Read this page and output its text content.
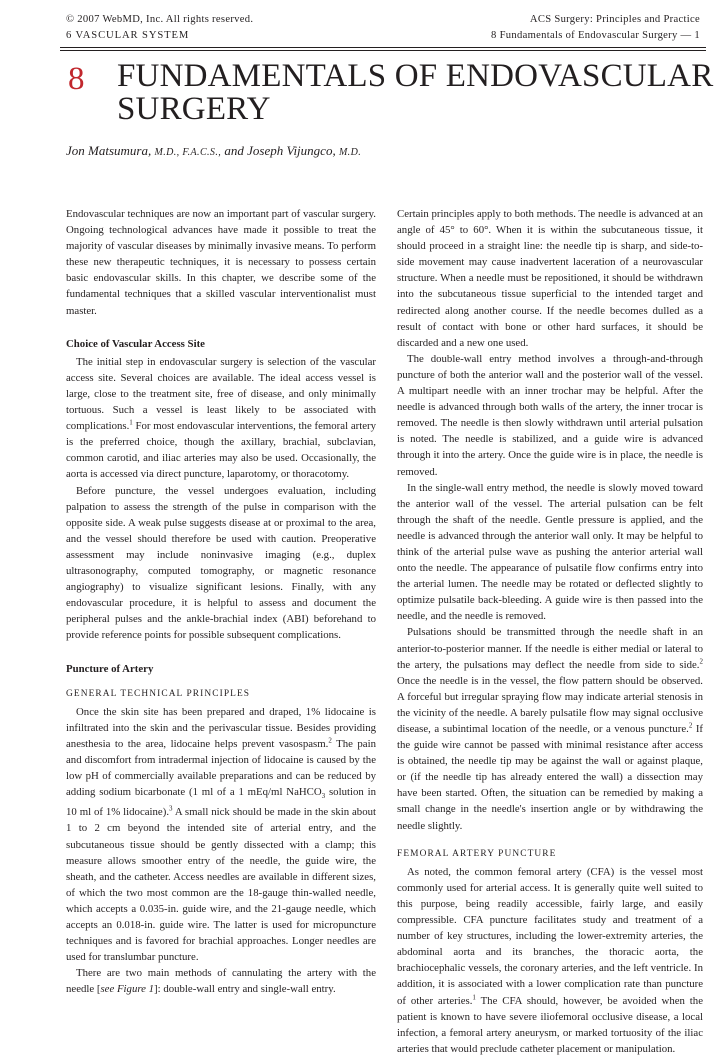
© 2007 WebMD, Inc. All rights reserved.
6 VASCULAR SYSTEM
ACS Surgery: Principles and Practice
8 Fundamentals of Endovascular Surgery — 1
8 FUNDAMENTALS OF ENDOVASCULAR SURGERY
Jon Matsumura, M.D., F.A.C.S., and Joseph Vijungco, M.D.

Endovascular techniques are now an important part of vascular surgery. Ongoing technological advances have made it possible to treat the majority of vascular diseases by minimally invasive means. To perform these new therapeutic techniques, it is necessary to possess certain basic endovascular skills. In this chapter, we describe some of the fundamental techniques that a skilled vascular interventionalist must master.

Choice of Vascular Access Site

The initial step in endovascular surgery is selection of the vascular access site. Several choices are available. The ideal access vessel is large, close to the treatment site, free of disease, and only minimally tortuous. Such a vessel is least likely to be associated with complications.$^1$ For most endovascular interventions, the femoral artery is the preferred choice, though the axillary, brachial, subclavian, common carotid, and iliac arteries may also be used. Occasionally, the aorta is accessed via direct puncture, laparotomy, or thoracotomy.

Before puncture, the vessel undergoes evaluation, including palpation to assess the strength of the pulse in comparison with the opposite side. A weak pulse suggests disease at or proximal to the area, and the vessel should therefore be used with caution. Preoperative assessment may include noninvasive imaging (e.g., duplex ultrasonography, computed tomography, or magnetic resonance angiography) to visualize significant lesions. Finally, with any endovascular procedure, it is helpful to assess and document the peripheral pulses and the ankle-brachial index (ABI) beforehand to provide reference points for possible subsequent complications.

Puncture of Artery
GENERAL TECHNICAL PRINCIPLES

Once the skin site has been prepared and draped, 1% lidocaine is infiltrated into the skin and the perivascular tissue. Besides providing anesthesia to the area, lidocaine helps prevent vasospasm.$^2$ The pain and discomfort from intradermal injection of lidocaine is caused by the low pH of commercially available preparations and can be reduced by adding sodium bicarbonate (1 ml of a 1 mEq/ml NaHCO$_3$ solution in 10 ml of 1% lidocaine).$^3$ A small nick should be made in the skin about 1 to 2 cm beyond the intended site of arterial entry, and the subcutaneous tissue should be gently dissected with a clamp; this measure allows smoother entry of the needle, the guide wire, the sheath, and the catheter. Access needles are available in different sizes, of which the two most common are the 18-gauge thin-walled needle, which accepts a 0.035-in. guide wire, and the 21-gauge needle, which accepts an 0.018-in. guide wire. The latter is used for micropuncture techniques and is favored for brachial approaches. Longer needles are used for translumbar puncture.

There are two main methods of cannulating the artery with the needle [see Figure 1]: double-wall entry and single-wall entry.

Certain principles apply to both methods. The needle is advanced at an angle of 45° to 60°. When it is within the subcutaneous tissue, it should proceed in a straight line: the needle tip is sharp, and side-to-side movement may cause inadvertent laceration of a neurovascular structure. When a needle must be repositioned, it should be withdrawn into the subcutaneous tissue superficial to the intended target and redirected along another course. If the needle becomes dulled as a result of contact with bone or other hard surfaces, it should be discarded and a new one used.

The double-wall entry method involves a through-and-through puncture of both the anterior wall and the posterior wall of the vessel. A multipart needle with an inner trochar may be helpful. After the needle is advanced through both walls of the artery, the inner trocar is removed. The needle is then slowly withdrawn until arterial pulsation is noted. The needle is stabilized, and a guide wire is advanced through it into the artery. Once the guide wire is in place, the needle is removed.

In the single-wall entry method, the needle is slowly moved toward the anterior wall of the vessel. The arterial pulsation can be felt through the shaft of the needle. Gentle pressure is applied, and the needle is advanced through the anterior wall only. It may be helpful to think of the arterial pulse wave as pushing the anterior arterial wall onto the needle. The appearance of pulsatile flow confirms entry into the arterial lumen. The needle may be rotated or deflected slightly to optimize pulsatile back-bleeding. A guide wire is then passed into the needle, and the needle is removed.

Pulsations should be transmitted through the needle shaft in an anterior-to-posterior manner. If the needle is either medial or lateral to the artery, the pulsations may deflect the needle from side to side.$^2$ Once the needle is in the vessel, the flow pattern should be observed. A forceful but irregular spraying flow may indicate arterial stenosis in the vicinity of the needle. A barely pulsatile flow may signal occlusive disease, a subintimal location of the needle, or a venous puncture.$^2$ If the guide wire cannot be passed with minimal resistance after access is obtained, the needle tip may be against the wall or against plaque, or (if the needle tip has already entered the wall) a dissection may have been started. Often, the situation can be remedied by making a small change in the needle's insertion angle or by withdrawing the needle slightly.

FEMORAL ARTERY PUNCTURE

As noted, the common femoral artery (CFA) is the vessel most commonly used for arterial access. It is generally quite well suited to this purpose, being readily accessible, fairly large, and easily compressible. CFA puncture facilitates study and treatment of a number of key structures, including the lower-extremity arteries, the abdominal aorta and its branches, the thoracic aorta, the brachiocephalic vessels, the coronary arteries, and the left ventricle. In addition, it is associated with a lower complication rate than puncture of other arteries.$^1$ The CFA should, however, be avoided when the patient is known to have severe iliofemoral occlusive disease, a local infection, a femoral artery aneurysm, or marked tortuosity of the iliac arteries that would preclude catheter placement or manipulation.
